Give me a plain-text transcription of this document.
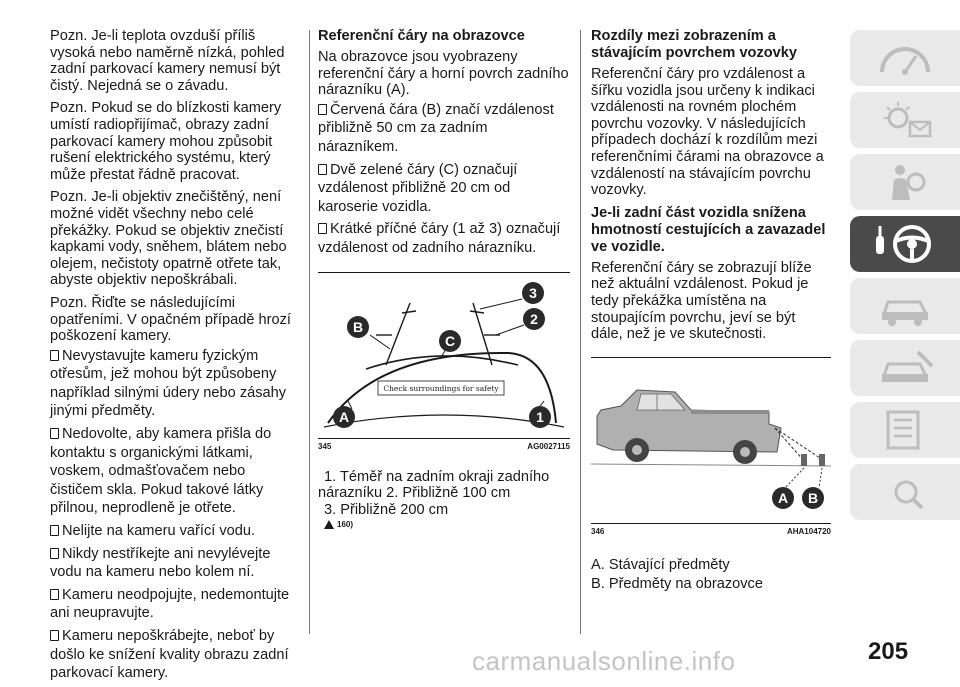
Pozn. Je-li teplota ovzduší příliš vysoká nebo naměrně nízká, pohled zadní parkovací kamery nemusí být čistý. Nejedná se o závadu.

Pozn. Pokud se do blízkosti kamery umístí radiopřijímač, obrazy zadní parkovací kamery mohou způsobit rušení elektrického systému, který může přestat řádně pracovat.

Pozn. Je-li objektiv znečištěný, není možné vidět všechny nebo celé překážky. Pokud se objektiv znečistí kapkami vody, sněhem, blátem nebo olejem, nečistoty opatrně otřete tak, abyste objektiv nepoškrábali.

Pozn. Řiďte se následujícími opatřeními. V opačném případě hrozí poškození kamery.

Nevystavujte kameru fyzickým otřesům, jež mohou být způsobeny například silnými údery nebo zásahy jinými předměty.
Nedovolte, aby kamera přišla do kontaktu s organickými látkami, voskem, odmašťovačem nebo čističem skla. Pokud takové látky přilnou, neprodleně je otřete.
Nelijte na kameru vařící vodu.
Nikdy nestříkejte ani nevylévejte vodu na kameru nebo kolem ní.
Kameru neodpojujte, nedemontujte ani neupravujte.
Kameru nepoškrábejte, neboť by došlo ke snížení kvality obrazu zadní parkovací kamery.
Referenční čáry na obrazovce

Na obrazovce jsou vyobrazeny referenční čáry a horní povrch zadního nárazníku (A).

Červená čára (B) značí vzdálenost přibližně 50 cm za zadním nárazníkem.
Dvě zelené čáry (C) označují vzdálenost přibližně 20 cm od karoserie vozidla.
Krátké příčné čáry (1 až 3) označují vzdálenost od zadního nárazníku.
Check surroundings for safety
B
C
3
2
A	1
345	AG0027115
1. Téměř na zadním okraji zadního
nárazníku 2. Přibližně 100 cm
3. Přibližně 200 cm
160)
Rozdíly mezi zobrazením a stávajícím povrchem vozovky

Referenční čáry pro vzdálenost a šířku vozidla jsou určeny k indikaci vzdálenosti na rovném plochém povrchu vozovky. V následujících případech dochází k rozdílům mezi referenčními čárami na obrazovce a vzdáleností na stávajícím povrchu vozovky.

Je-li zadní část vozidla snížena hmotností cestujících a zavazadel ve vozidle.

Referenční čáry se zobrazují blíže než aktuální vzdálenost. Pokud je tedy překážka umístěna na stoupajícím povrchu, jeví se být dále, než je ve skutečnosti.

A B
346	AHA104720
A. Stávající předměty
B. Předměty na obrazovce
carmanualsonline.info	205
